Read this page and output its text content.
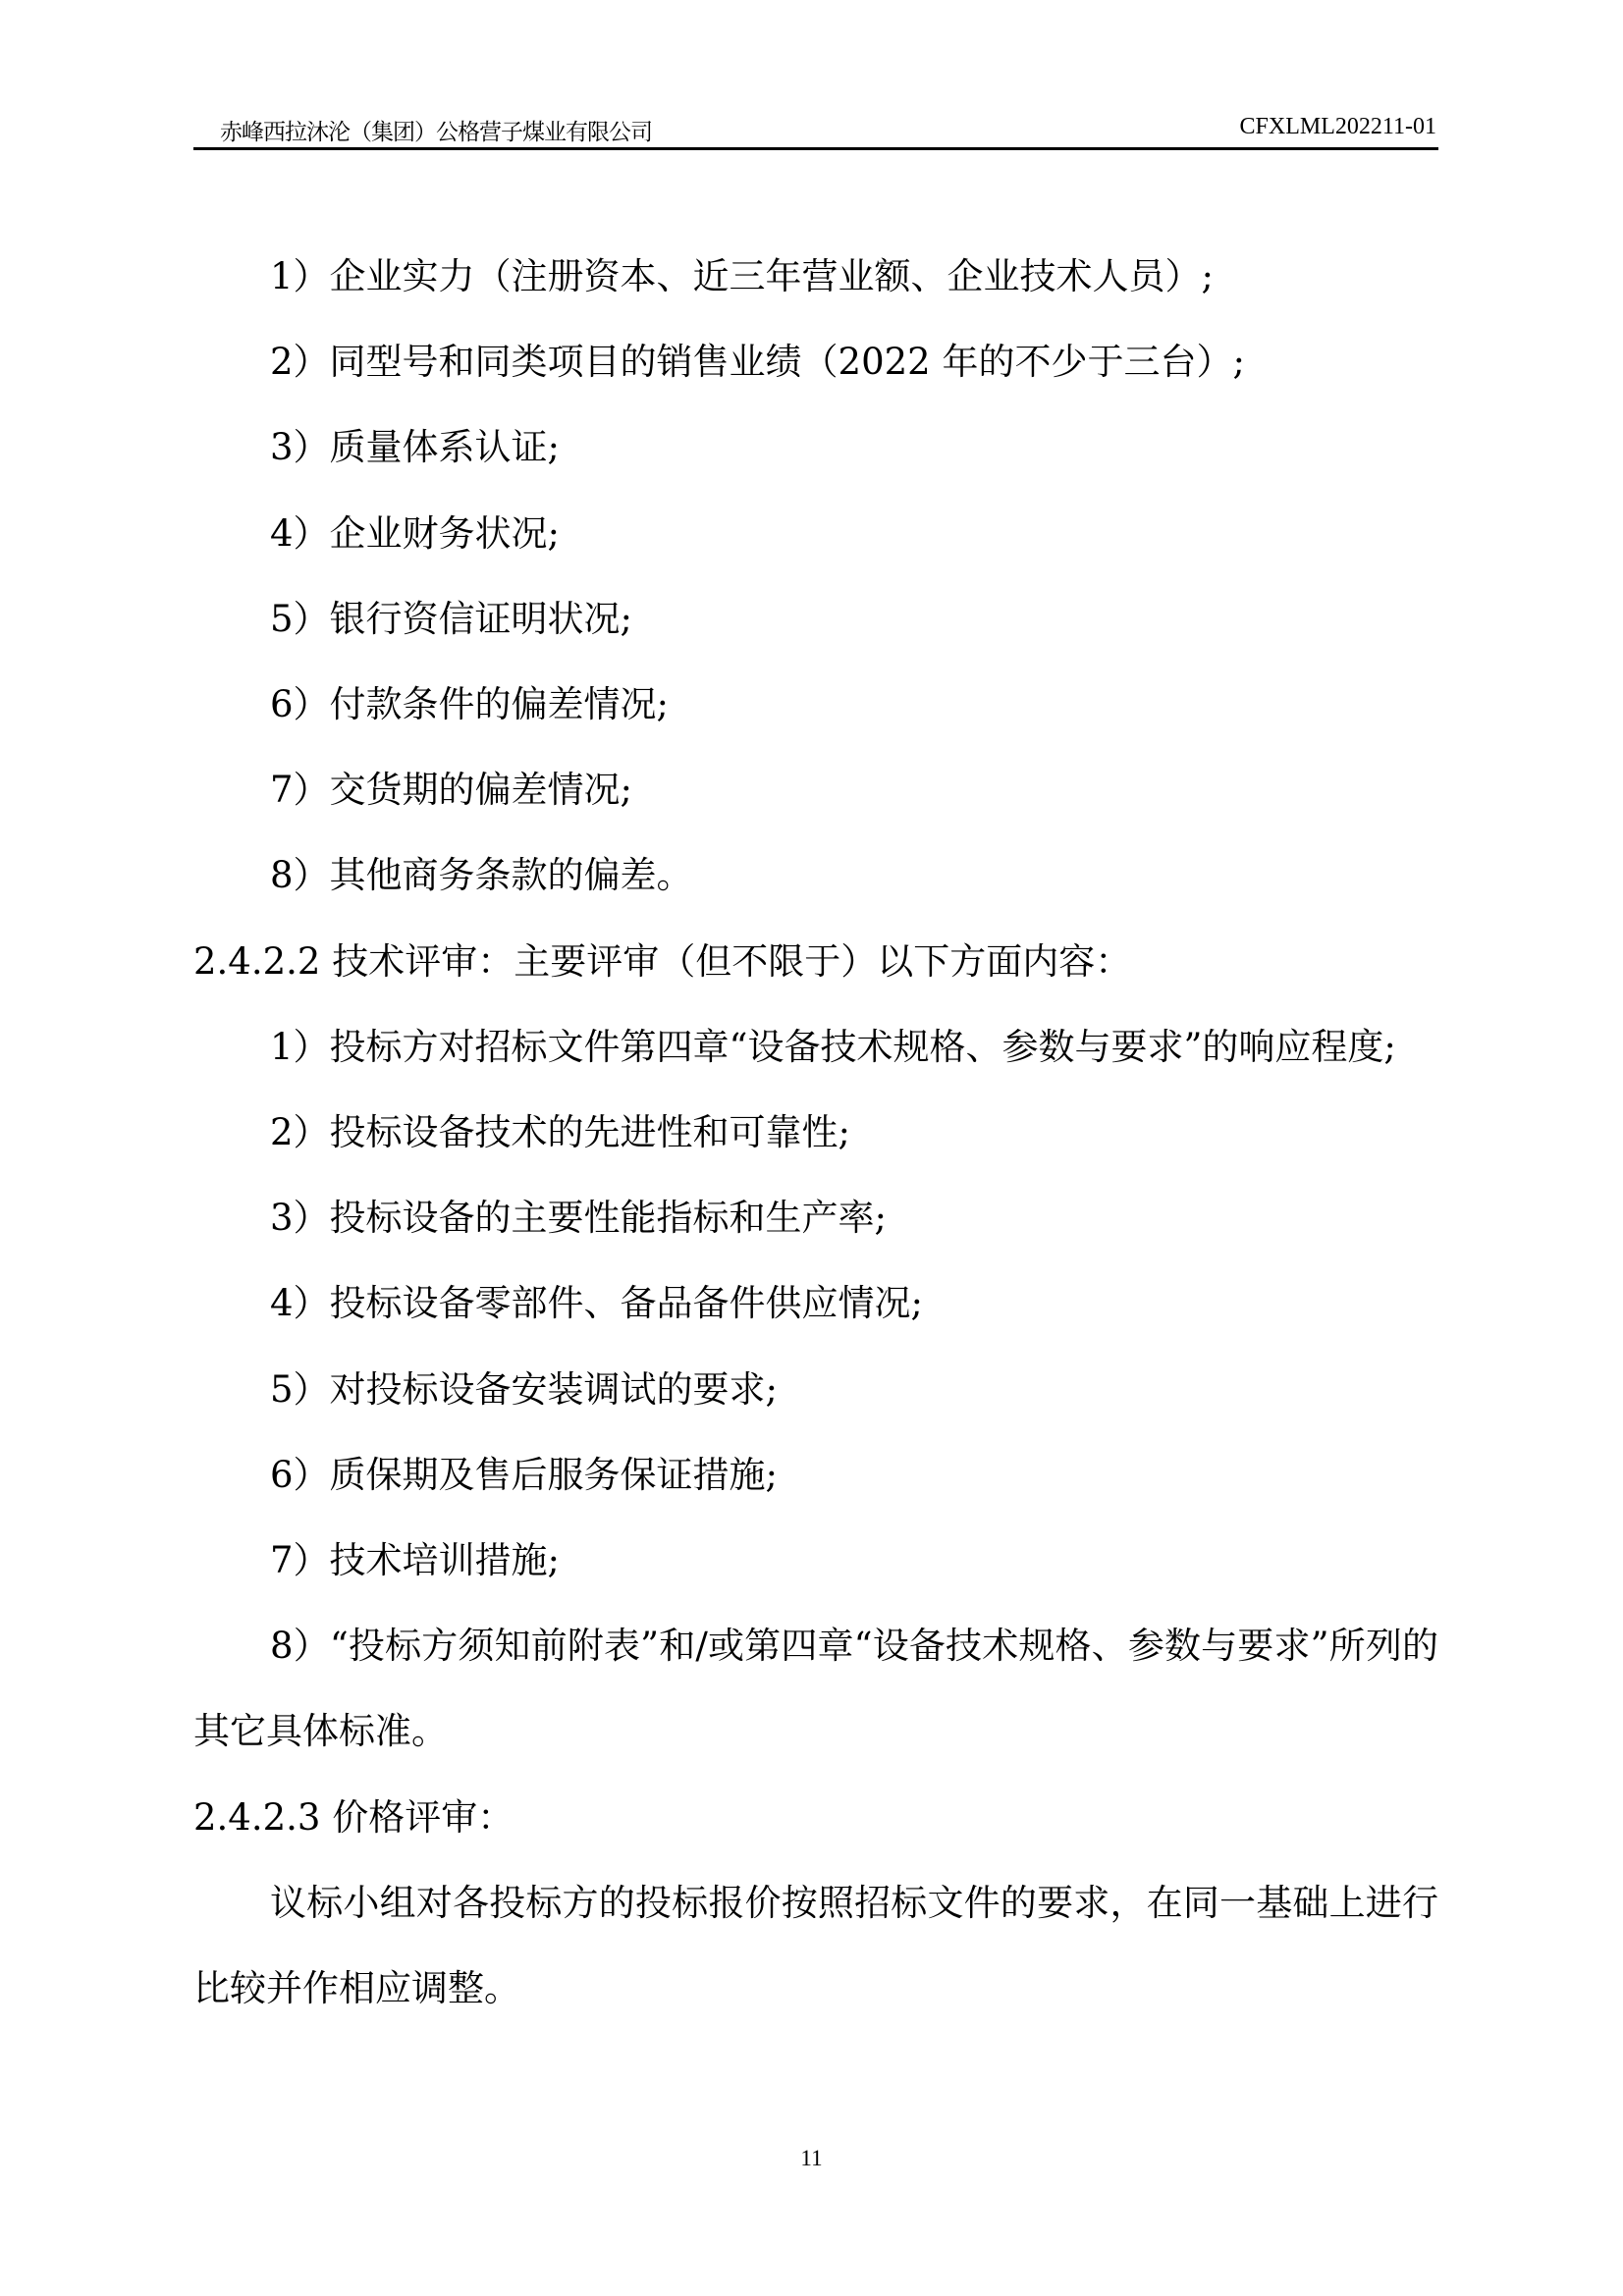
赤峰西拉沐沦（集团）公格营子煤业有限公司	CFXLML202211-01

1）企业实力（注册资本、近三年营业额、企业技术人员）;

2）同型号和同类项目的销售业绩（2022 年的不少于三台）;

3）质量体系认证;

4）企业财务状况;

5）银行资信证明状况;

6）付款条件的偏差情况;

7）交货期的偏差情况;

8）其他商务条款的偏差。

2.4.2.2 技术评审：主要评审（但不限于）以下方面内容：

1）投标方对招标文件第四章“设备技术规格、参数与要求”的响应程度;

2）投标设备技术的先进性和可靠性;

3）投标设备的主要性能指标和生产率;

4）投标设备零部件、备品备件供应情况;

5）对投标设备安装调试的要求;

6）质保期及售后服务保证措施;

7）技术培训措施;

8）“投标方须知前附表”和/或第四章“设备技术规格、参数与要求”所列的其它具体标准。

2.4.2.3 价格评审：

议标小组对各投标方的投标报价按照招标文件的要求，在同一基础上进行比较并作相应调整。

11
